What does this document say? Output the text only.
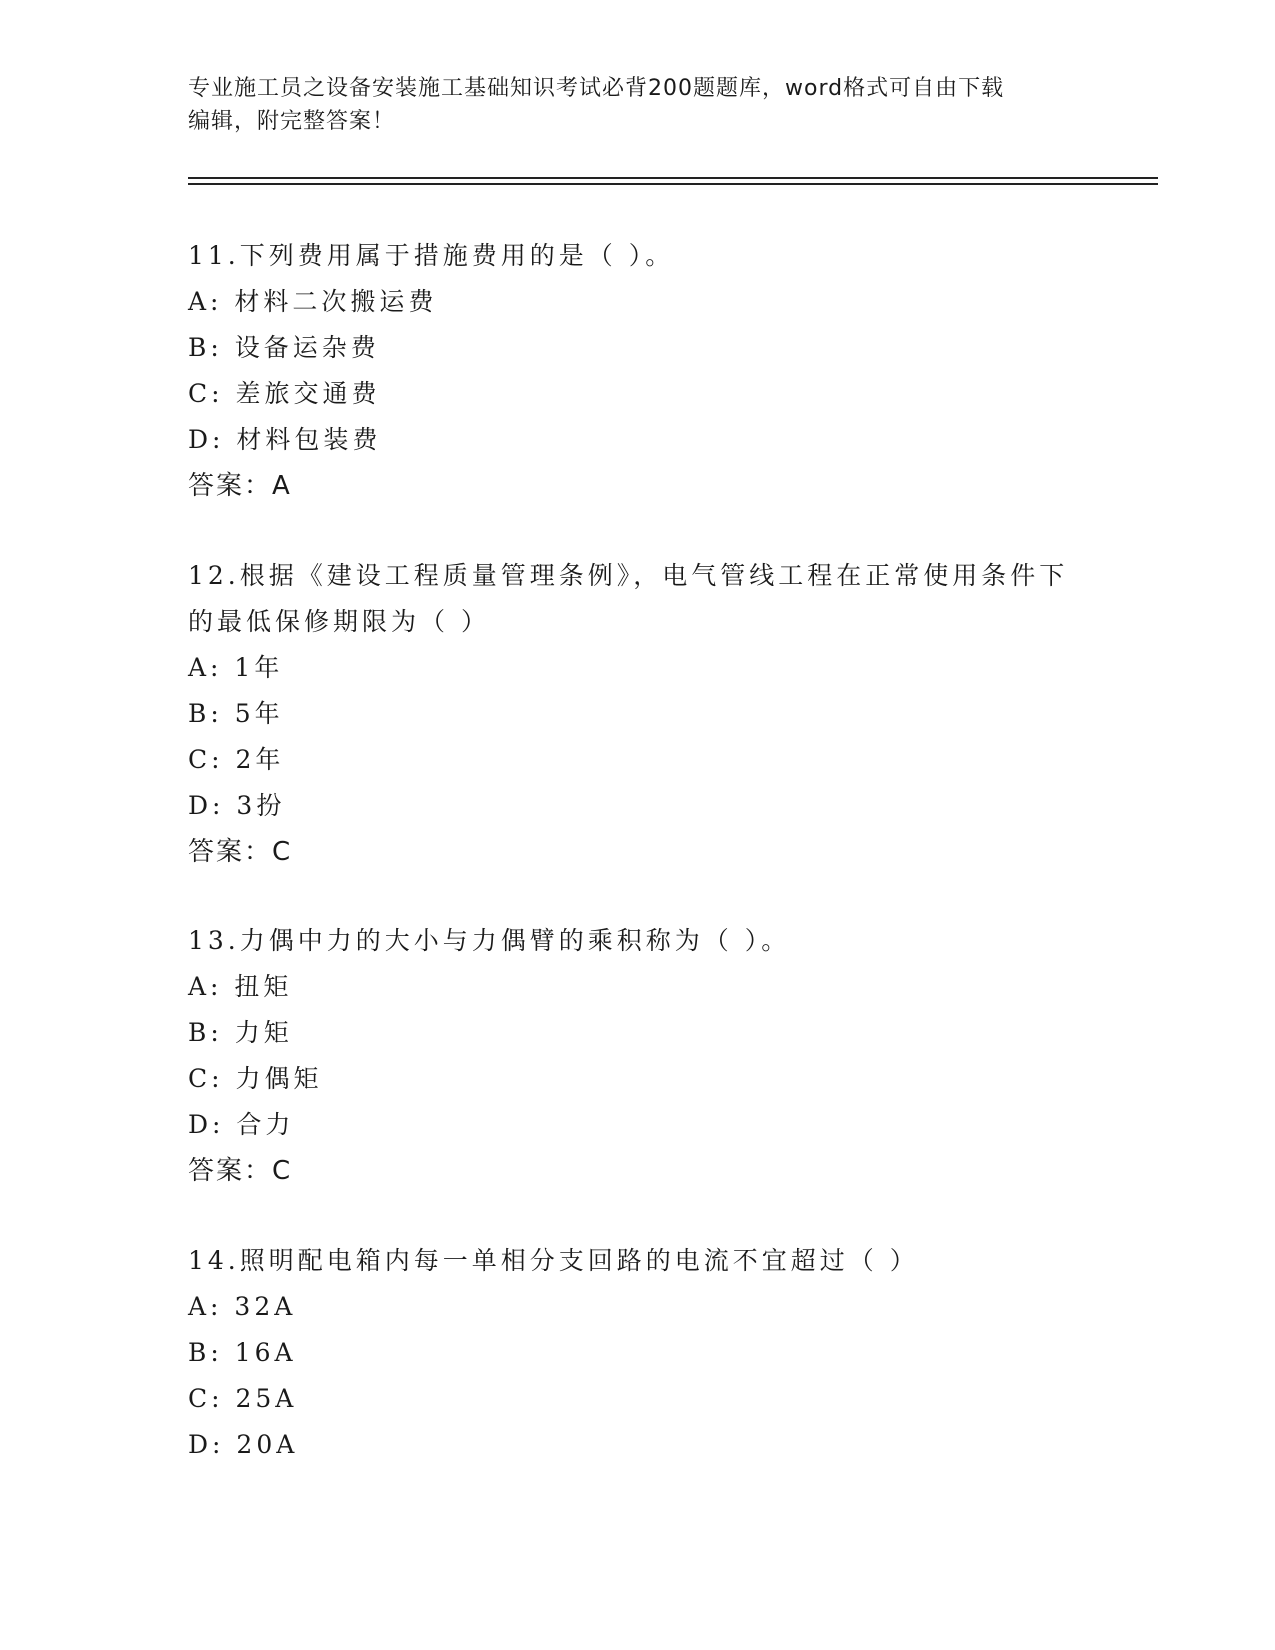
专业施工员之设备安装施工基础知识考试必背200题题库，word格式可自由下载
编辑，附完整答案！
11.下列费用属于措施费用的是（ ）。
A: 材料二次搬运费
B: 设备运杂费
C: 差旅交通费
D: 材料包装费
答案：A
12.根据《建设工程质量管理条例》，电气管线工程在正常使用条件下
的最低保修期限为（ ）
A: 1年
B: 5年
C: 2年
D: 3扮
答案：C
13.力偶中力的大小与力偶臂的乘积称为（ ）。
A: 扭矩
B: 力矩
C: 力偶矩
D: 合力
答案：C
14.照明配电箱内每一单相分支回路的电流不宜超过（ ）
A: 32A
B: 16A
C: 25A
D: 20A
